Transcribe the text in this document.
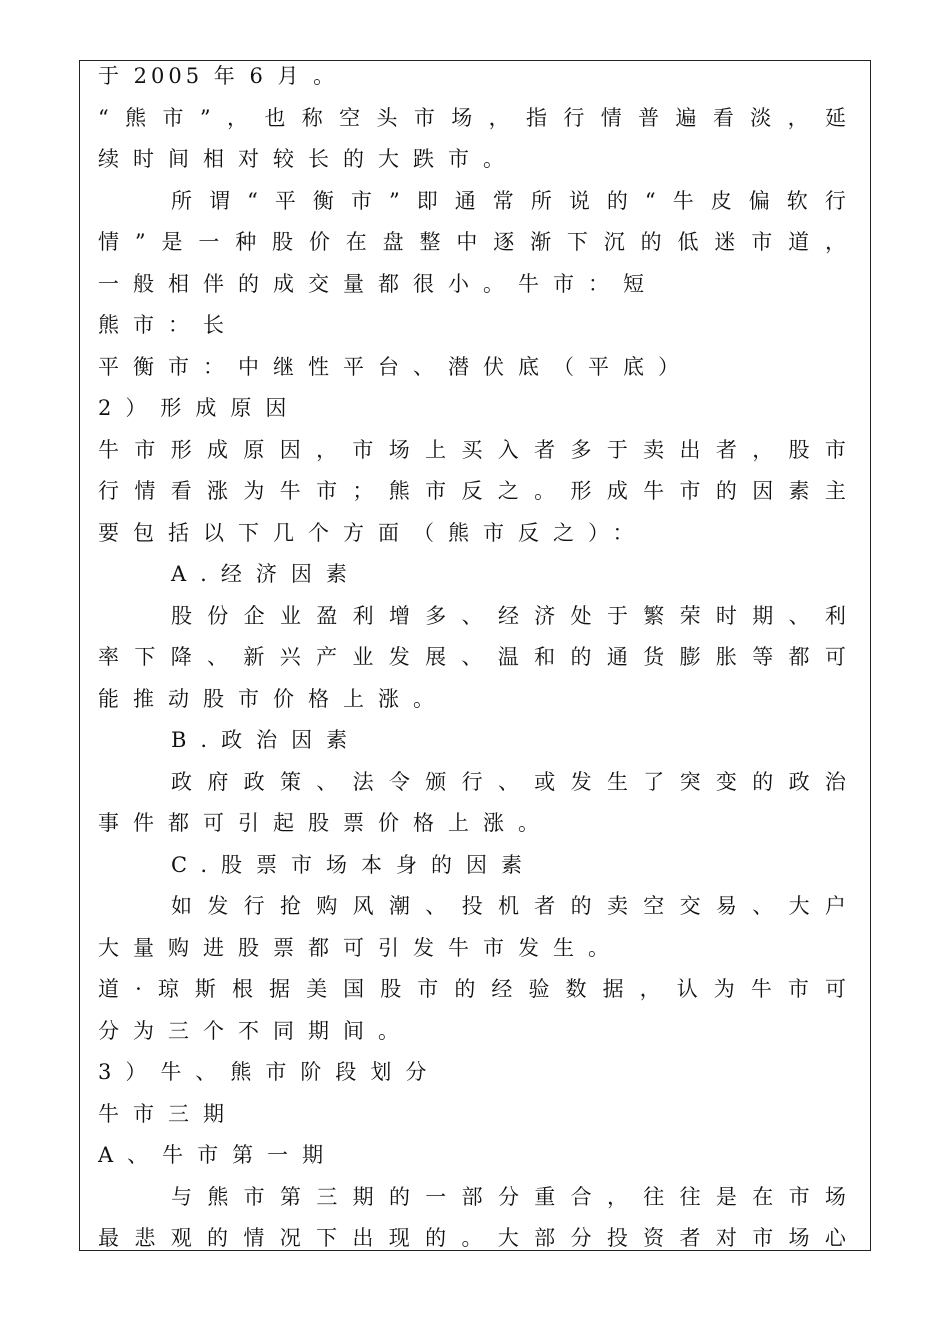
于 2005 年 6 月 。
“ 熊 市 ” ， 也 称 空 头 市 场 ， 指 行 情 普 遍 看 淡 ， 延
续时间相对较长的大跌市。
所 谓 “ 平 衡 市 ” 即 通 常 所 说 的 “ 牛 皮 偏 软 行
情 ” 是 一 种 股 价 在 盘 整 中 逐 渐 下 沉 的 低 迷 市 道 ，
一般相伴的成交量都很小。牛市：短
熊市：长
平衡市：中继性平台、潜伏底（平底）
2）形成原因
牛 市 形 成 原 因 ， 市 场 上 买 入 者 多 于 卖 出 者 ， 股 市
行 情 看 涨 为 牛 市 ； 熊 市 反 之 。 形 成 牛 市 的 因 素 主
要包括以下几个方面（熊市反之）：
A.经济因素
股 份 企 业 盈 利 增 多 、 经 济 处 于 繁 荣 时 期 、 利
率 下 降 、 新 兴 产 业 发 展 、 温 和 的 通 货 膨 胀 等 都 可
能推动股市价格上涨。
B.政治因素
政 府 政 策 、 法 令 颁 行 、 或 发 生 了 突 变 的 政 治
事件都可引起股票价格上涨。
C.股票市场本身的因素
如 发 行 抢 购 风 潮 、 投 机 者 的 卖 空 交 易 、 大 户
大量购进股票都可引发牛市发生。
道 · 琼 斯 根 据 美 国 股 市 的 经 验 数 据 ， 认 为 牛 市 可
分为三个不同期间。
3）牛、熊市阶段划分
牛市三期
A、牛市第一期
与 熊 市 第 三 期 的 一 部 分 重 合 ， 往 往 是 在 市 场
最 悲 观 的 情 况 下 出 现 的 。 大 部 分 投 资 者 对 市 场 心
